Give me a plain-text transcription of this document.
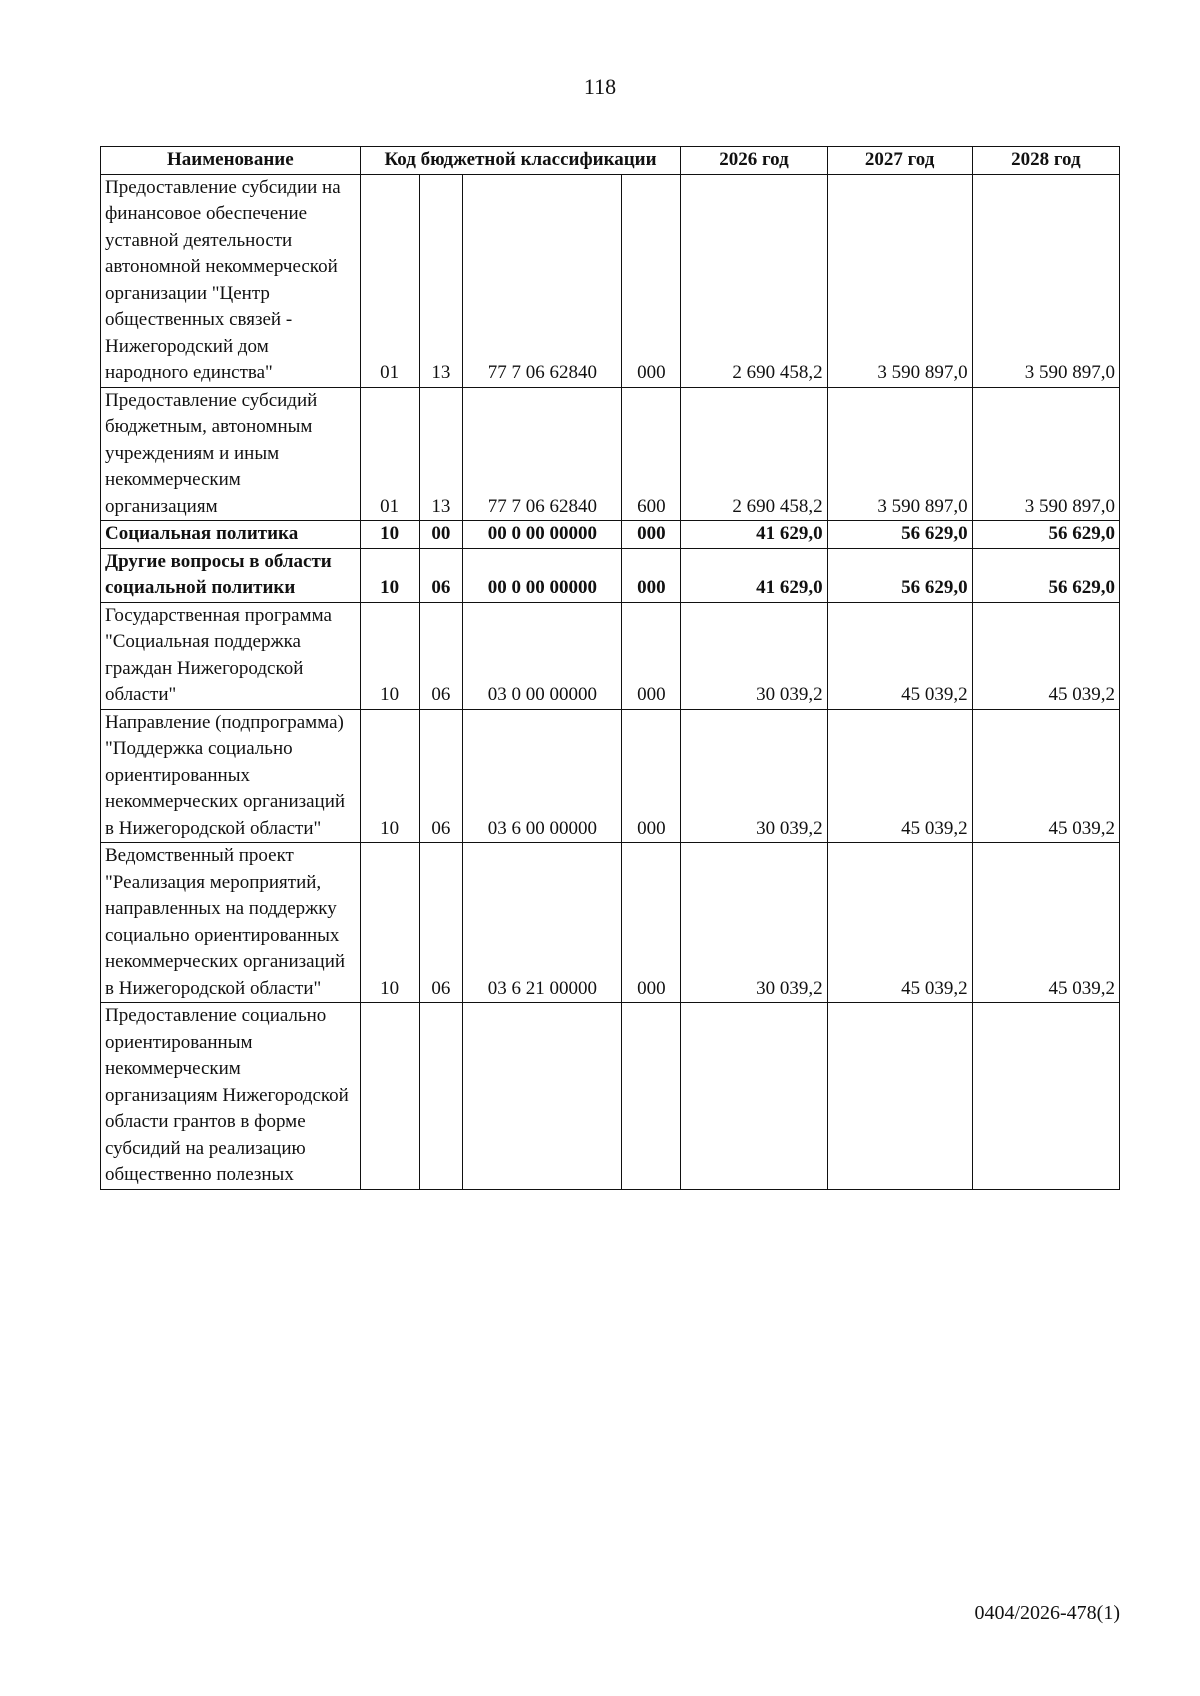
118
Наименование	Код бюджетной классификации				2026 год	2027 год	2028 год
Предоставление субсидии на финансовое обеспечение уставной деятельности автономной некоммерческой организации "Центр общественных связей - Нижегородский дом народного единства"	01	13	77 7 06 62840	000	2 690 458,2	3 590 897,0	3 590 897,0
Предоставление субсидий бюджетным, автономным учреждениям и иным некоммерческим организациям	01	13	77 7 06 62840	600	2 690 458,2	3 590 897,0	3 590 897,0
Социальная политика	10	00	00 0 00 00000	000	41 629,0	56 629,0	56 629,0
Другие вопросы в области социальной политики	10	06	00 0 00 00000	000	41 629,0	56 629,0	56 629,0
Государственная программа "Социальная поддержка граждан Нижегородской области"	10	06	03 0 00 00000	000	30 039,2	45 039,2	45 039,2
Направление (подпрограмма) "Поддержка социально ориентированных некоммерческих организаций в Нижегородской области"	10	06	03 6 00 00000	000	30 039,2	45 039,2	45 039,2
Ведомственный проект "Реализация мероприятий, направленных на поддержку социально ориентированных некоммерческих организаций в Нижегородской области"	10	06	03 6 21 00000	000	30 039,2	45 039,2	45 039,2
Предоставление социально ориентированным некоммерческим организациям Нижегородской области грантов в форме субсидий на реализацию общественно полезных							
0404/2026-478(1)
